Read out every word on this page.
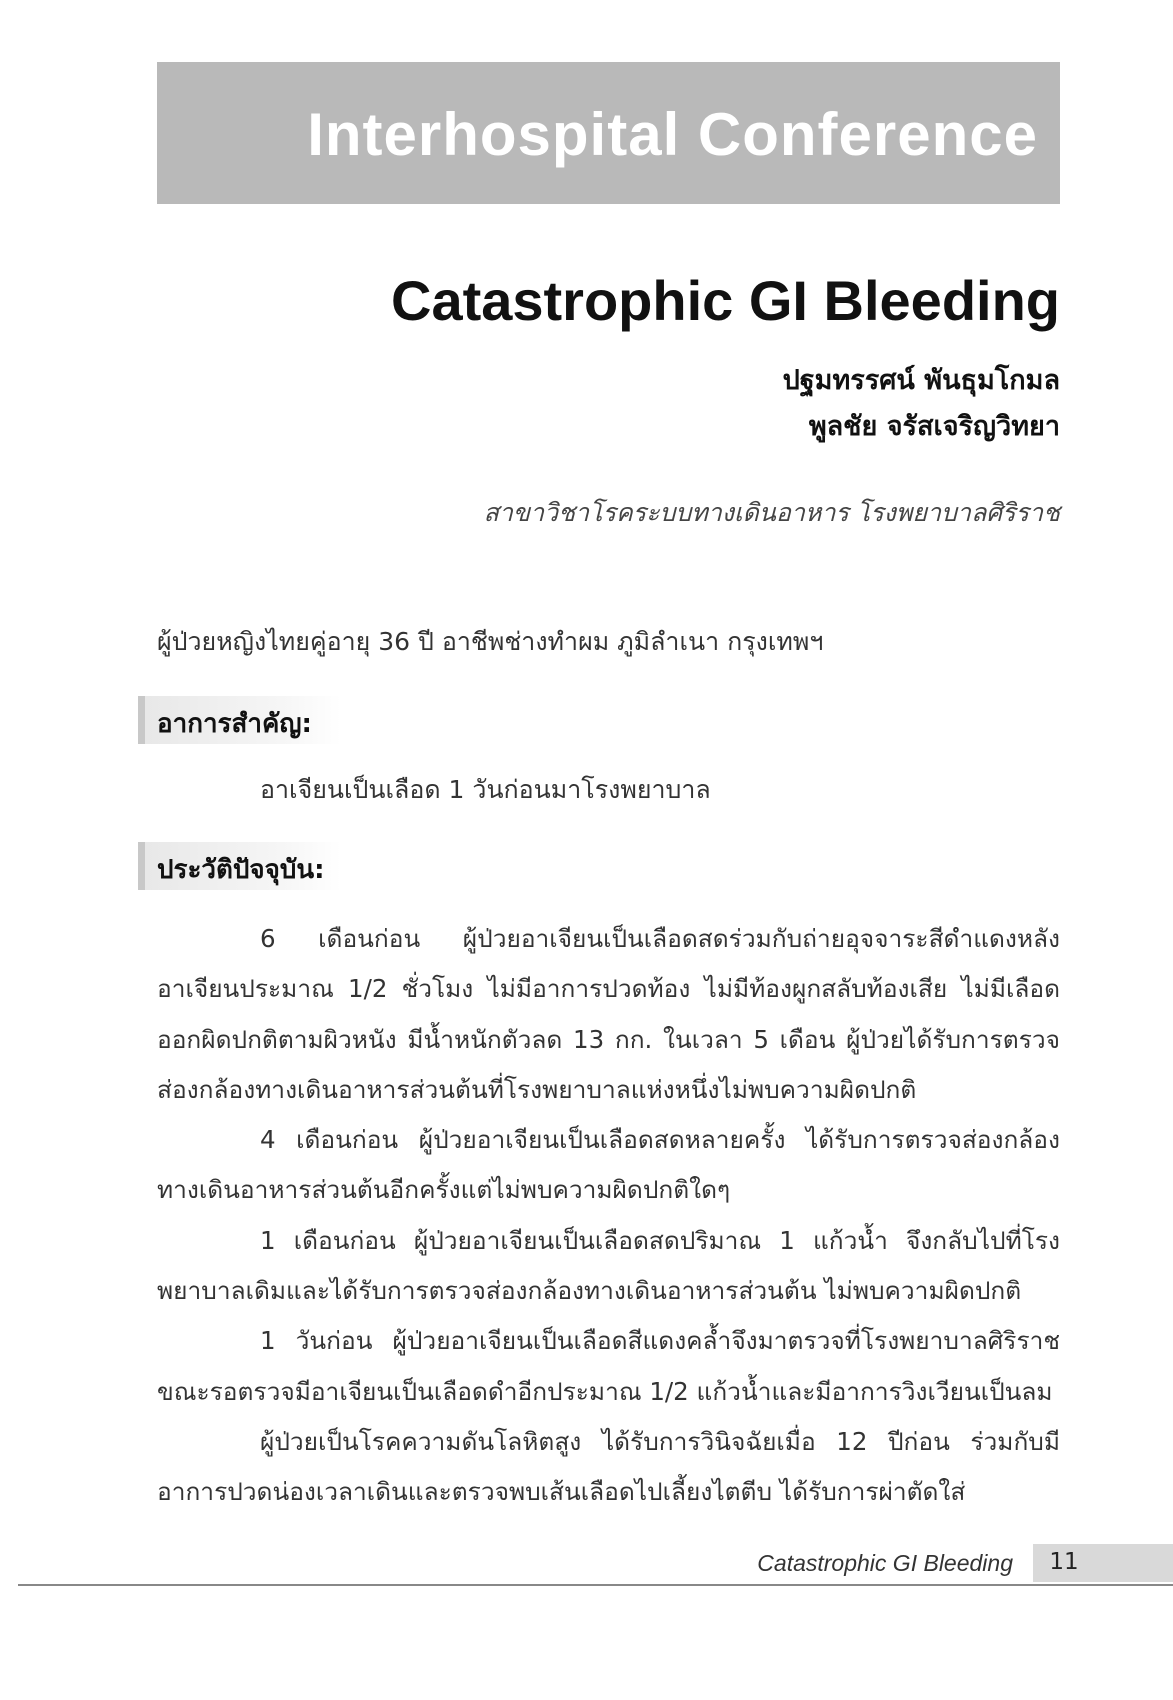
Interhospital Conference
Catastrophic GI Bleeding
ปฐมทรรศน์ พันธุมโกมล
พูลชัย จรัสเจริญวิทยา
สาขาวิชาโรคระบบทางเดินอาหาร โรงพยาบาลศิริราช
ผู้ป่วยหญิงไทยคู่อายุ 36 ปี อาชีพช่างทำผม ภูมิลำเนา กรุงเทพฯ
อาการสำคัญ:
อาเจียนเป็นเลือด 1 วันก่อนมาโรงพยาบาล
ประวัติปัจจุบัน:

6 เดือนก่อน ผู้ป่วยอาเจียนเป็นเลือดสดร่วมกับถ่ายอุจจาระสีดำแดงหลังอาเจียนประมาณ 1/2 ชั่วโมง ไม่มีอาการปวดท้อง ไม่มีท้องผูกสลับท้องเสีย ไม่มีเลือดออกผิดปกติตามผิวหนัง มีน้ำหนักตัวลด 13 กก. ในเวลา 5 เดือน ผู้ป่วยได้รับการตรวจส่องกล้องทางเดินอาหารส่วนต้นที่โรงพยาบาลแห่งหนึ่งไม่พบความผิดปกติ

4 เดือนก่อน ผู้ป่วยอาเจียนเป็นเลือดสดหลายครั้ง ได้รับการตรวจส่องกล้องทางเดินอาหารส่วนต้นอีกครั้งแต่ไม่พบความผิดปกติใดๆ

1 เดือนก่อน ผู้ป่วยอาเจียนเป็นเลือดสดปริมาณ 1 แก้วน้ำ จึงกลับไปที่โรงพยาบาลเดิมและได้รับการตรวจส่องกล้องทางเดินอาหารส่วนต้น ไม่พบความผิดปกติ

1 วันก่อน ผู้ป่วยอาเจียนเป็นเลือดสีแดงคล้ำจึงมาตรวจที่โรงพยาบาลศิริราช ขณะรอตรวจมีอาเจียนเป็นเลือดดำอีกประมาณ 1/2 แก้วน้ำและมีอาการวิงเวียนเป็นลม

ผู้ป่วยเป็นโรคความดันโลหิตสูง ได้รับการวินิจฉัยเมื่อ 12 ปีก่อน ร่วมกับมีอาการปวดน่องเวลาเดินและตรวจพบเส้นเลือดไปเลี้ยงไตตีบ ได้รับการผ่าตัดใส่

Catastrophic GI Bleeding	11
